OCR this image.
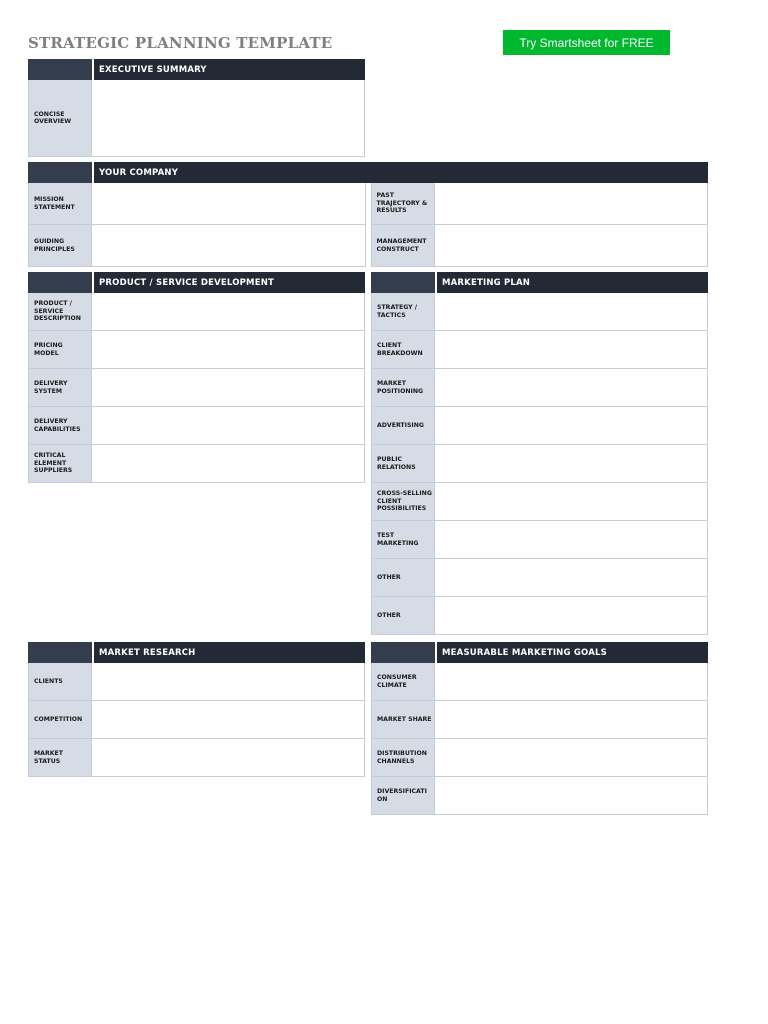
STRATEGIC PLANNING TEMPLATE	Try Smartsheet for FREE
EXECUTIVE SUMMARY
CONCISE OVERVIEW
YOUR COMPANY
MISSION STATEMENT
GUIDING PRINCIPLES
PAST TRAJECTORY & RESULTS
MANAGEMENT CONSTRUCT
PRODUCT / SERVICE DEVELOPMENT
PRODUCT / SERVICE DESCRIPTION
PRICING MODEL
DELIVERY SYSTEM
DELIVERY CAPABILITIES
CRITICAL ELEMENT SUPPLIERS
MARKETING PLAN
STRATEGY / TACTICS
CLIENT BREAKDOWN
MARKET POSITIONING
ADVERTISING
PUBLIC RELATIONS
CROSS-SELLING CLIENT POSSIBILITIES
TEST MARKETING
OTHER
OTHER
MARKET RESEARCH
CLIENTS
COMPETITION
MARKET STATUS
MEASURABLE MARKETING GOALS
CONSUMER CLIMATE
MARKET SHARE
DISTRIBUTION CHANNELS
DIVERSIFICATION
